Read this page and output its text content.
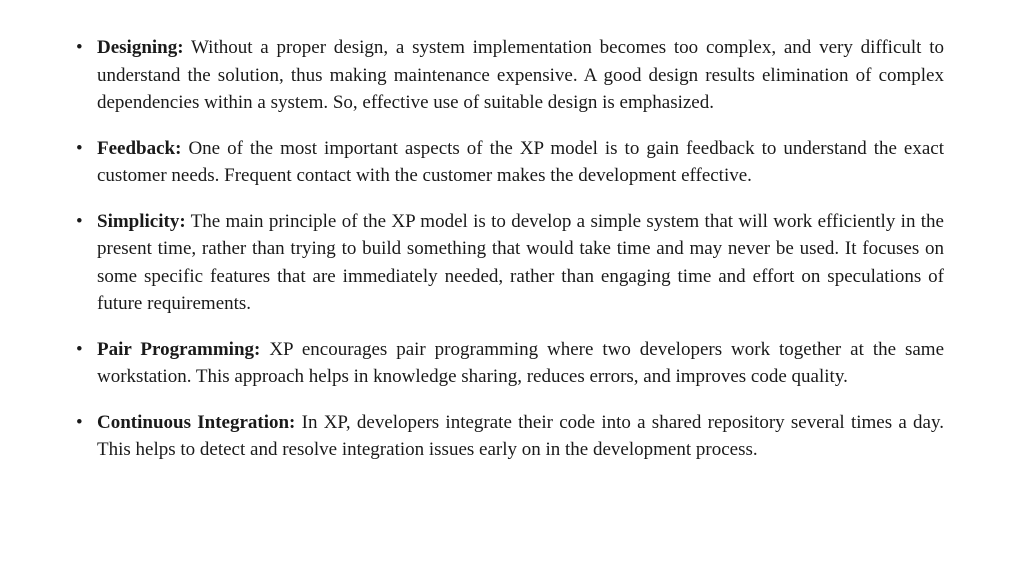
• Designing: Without a proper design, a system implementation becomes too complex, and very difficult to understand the solution, thus making maintenance expensive. A good design results elimination of complex dependencies within a system. So, effective use of suitable design is emphasized.
• Feedback: One of the most important aspects of the XP model is to gain feedback to understand the exact customer needs. Frequent contact with the customer makes the development effective.
• Simplicity: The main principle of the XP model is to develop a simple system that will work efficiently in the present time, rather than trying to build something that would take time and may never be used. It focuses on some specific features that are immediately needed, rather than engaging time and effort on speculations of future requirements.
• Pair Programming: XP encourages pair programming where two developers work together at the same workstation. This approach helps in knowledge sharing, reduces errors, and improves code quality.
• Continuous Integration: In XP, developers integrate their code into a shared repository several times a day. This helps to detect and resolve integration issues early on in the development process.
